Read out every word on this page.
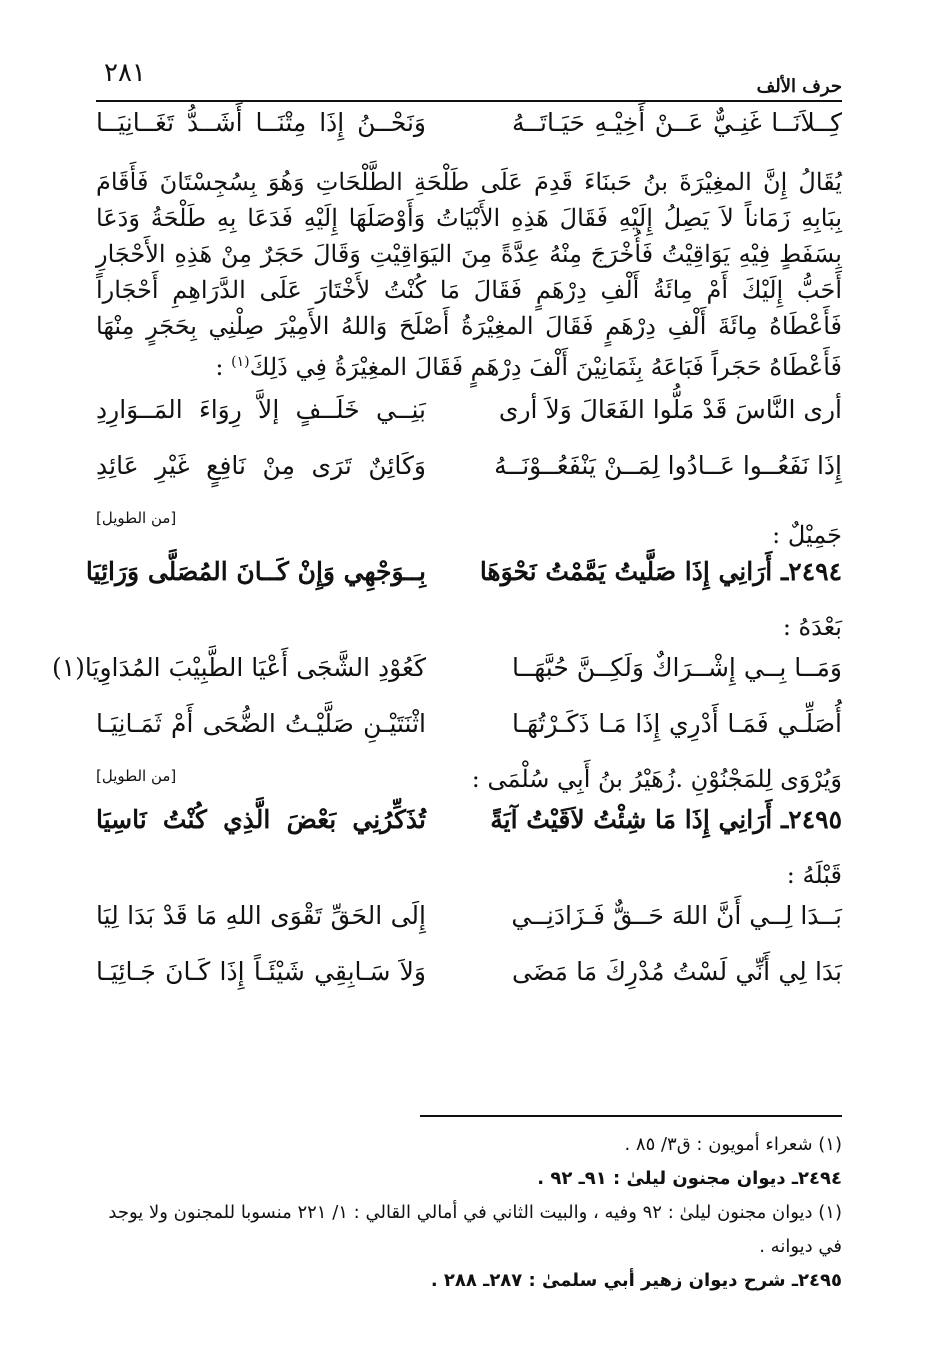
٢٨١	حرف الألف
كِــلاَنَــا غَنِـيٌّ عَــنْ أَخِيْـهِ حَيَـاتَــهُ
وَنَحْــنُ إِذَا مِتْنَــا أَشَــدُّ تَغَــانِيَــا

يُقَالُ إِنَّ المغِيْرَةَ بنُ حَبنَاءَ قَدِمَ عَلَى طَلْحَةِ الطَّلْحَاتِ وَهُوَ بِسُجِسْتَانَ فَأَقَامَ بِبَابِهِ زَمَاناً لاَ يَصِلُ إِلَيْهِ فَقَالَ هَذِهِ الأَبْيَاتُ وَأَوْصَلَهَا إِلَيْهِ فَدَعَا بِهِ طَلْحَةُ وَدَعَا بِسَفَطٍ فِيْهِ يَوَاقِيْتُ فَأُخْرَجَ مِنْهُ عِدَّةً مِنَ اليَوَاقِيْتِ وَقَالَ حَجَرٌ مِنْ هَذِهِ الأَحْجَارِ أَحَبُّ إِلَيْكَ أَمْ مِائَةُ أَلْفِ دِرْهَمٍ فَقَالَ مَا كُنْتُ لأَخْتَارَ عَلَى الدَّرَاهِمِ أَحْجَاراً فَأَعْطَاهُ مِائَةَ أَلْفِ دِرْهَمٍ فَقَالَ المغِيْرَةُ أَصْلَحَ وَاللهُ الأَمِيْرَ صِلْنِي بِحَجَرٍ مِنْهَا فَأَعْطَاهُ حَجَراً فَبَاعَهُ بِثَمَانِيْنَ أَلْفَ دِرْهَمٍ فَقَالَ المغِيْرَةُ فِي ذَلِكَ$^{(١)}$ :

أرى النَّاسَ قَدْ مَلُّوا الفَعَالَ وَلاَ أرى
بَنِــي خَلَــفٍ إلاَّ رِوَاءَ المَــوَارِدِ
إِذَا نَفَعُــوا عَــادُوا لِمَــنْ يَنْفَعُــوْنَــهُ
وَكَائِنٌ تَرَى مِنْ نَافِعٍ غَيْرِ عَائِدِ
جَمِيْلٌ :
[من الطويل]
٢٤٩٤ـ أَرَانِي إِذَا صَلَّيتُ يَمَّمْتُ نَحْوَهَا
بِــوَجْهِي وَإِنْ كَــانَ المُصَلَّى وَرَائِيَا
بَعْدَهُ :
وَمَــا بِــي إِشْــرَاكٌ وَلَكِــنَّ حُبَّهَــا
كَعُوْدِ الشَّجَى أَعْيَا الطَّبِيْبَ المُدَاوِيَا(١)
أُصَلِّـي فَمَـا أَدْرِي إِذَا مَـا ذَكَـرْتُهَـا
اثْنَتَيْـنِ صَلَّيْـتُ الضُّحَى أَمْ ثَمَـانِيَـا
وَيُرْوَى لِلمَجْنُوْنِ .زُهَيْرُ بنُ أَبِي سُلْمَى :
[من الطويل]
٢٤٩٥ـ أَرَانِي إِذَا مَا شِئْتُ لاَقَيْتُ آيَةً
تُذَكِّرُنِي بَعْضَ الَّذِي كُنْتُ نَاسِيَا
قَبْلَهُ :
بَــدَا لِــي أَنَّ اللهَ حَــقٌّ فَـزَادَنِــي
إِلَى الحَقِّ تَقْوَى اللهِ مَا قَدْ بَدَا لِيَا
بَدَا لِي أَنِّي لَسْتُ مُدْرِكَ مَا مَضَى
وَلاَ سَـابِقِي شَيْئَـاً إِذَا كَـانَ جَـائِيَـا

(١) شعراء أمويون : ق٣/ ٨٥ .

٢٤٩٤ـ ديوان مجنون ليلىٰ : ٩١ـ ٩٢ .

(١) ديوان مجنون ليلىٰ : ٩٢ وفيه ، والبيت الثاني في أمالي القالي : ١/ ٢٢١ منسوبا للمجنون ولا يوجد في ديوانه .

٢٤٩٥ـ شرح ديوان زهير أبي سلمىٰ : ٢٨٧ـ ٢٨٨ .
